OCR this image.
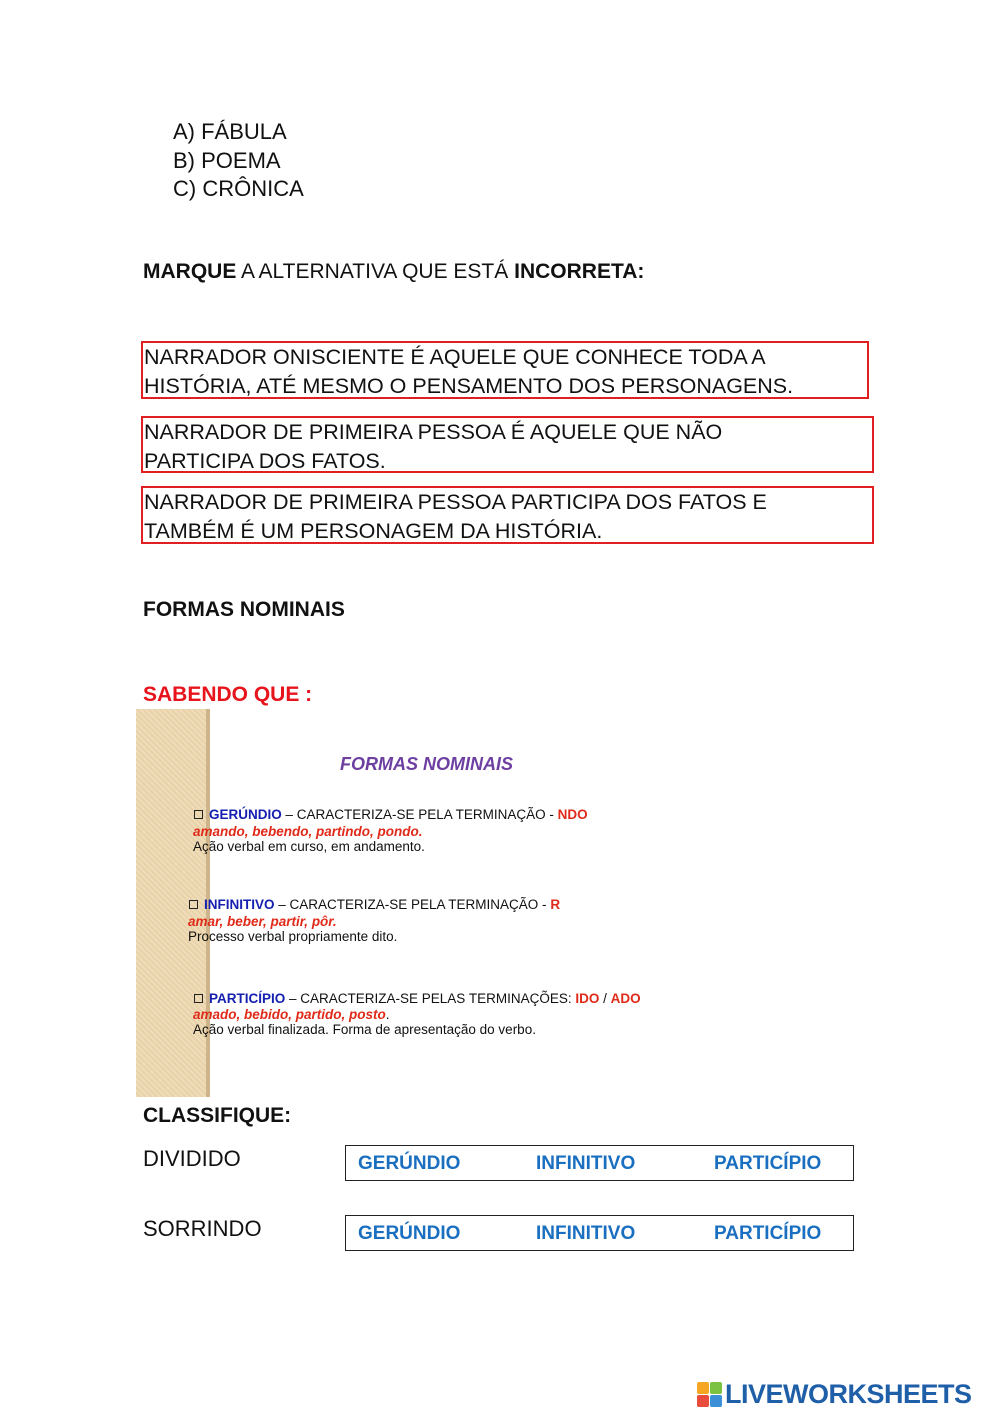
A) FÁBULA
B) POEMA
C) CRÔNICA
MARQUE A ALTERNATIVA QUE ESTÁ INCORRETA:
NARRADOR ONISCIENTE É AQUELE QUE CONHECE TODA A
HISTÓRIA, ATÉ MESMO O PENSAMENTO DOS PERSONAGENS.
NARRADOR DE PRIMEIRA PESSOA É AQUELE QUE NÃO
PARTICIPA DOS FATOS.
NARRADOR DE PRIMEIRA PESSOA PARTICIPA DOS FATOS E
TAMBÉM É UM PERSONAGEM DA HISTÓRIA.
FORMAS NOMINAIS
SABENDO QUE :
FORMAS NOMINAIS
GERÚNDIO – CARACTERIZA-SE PELA TERMINAÇÃO - NDO
amando, bebendo, partindo, pondo.
Ação verbal em curso, em andamento.
INFINITIVO – CARACTERIZA-SE PELA TERMINAÇÃO - R
amar, beber, partir, pôr.
Processo verbal propriamente dito.
PARTICÍPIO – CARACTERIZA-SE PELAS TERMINAÇÕES: IDO / ADO
amado, bebido, partido, posto.
Ação verbal finalizada. Forma de apresentação do verbo.
CLASSIFIQUE:
DIVIDIDO	GERÚNDIO	INFINITIVO	PARTICÍPIO
SORRINDO	GERÚNDIO	INFINITIVO	PARTICÍPIO
LIVEWORKSHEETS
